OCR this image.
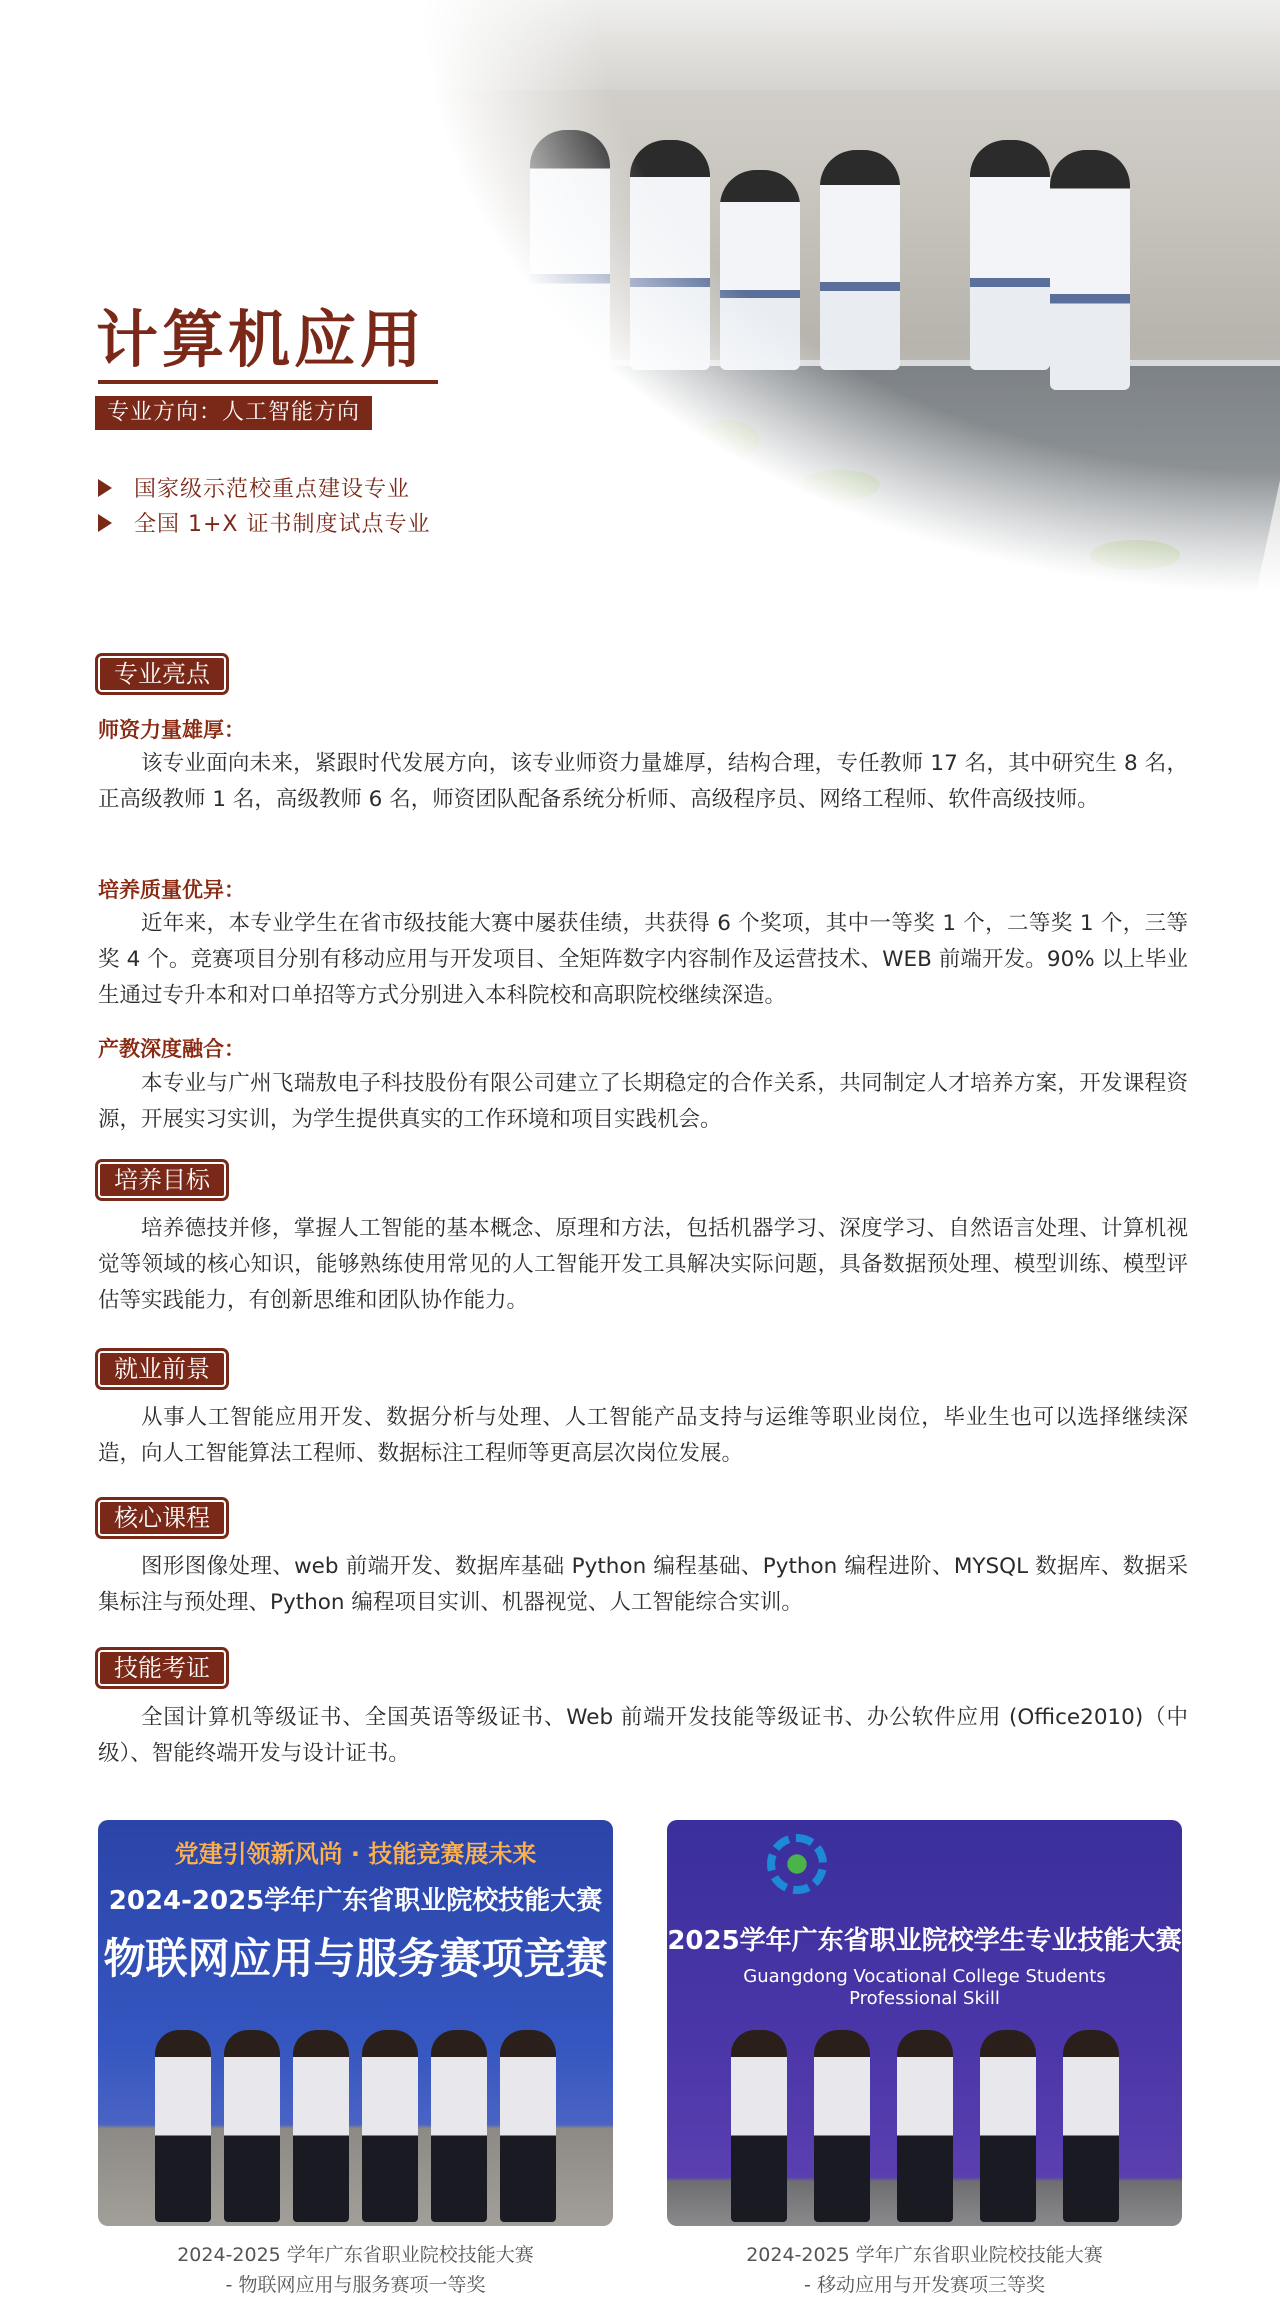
计算机应用
专业方向：人工智能方向
国家级示范校重点建设专业
全国 1+X 证书制度试点专业
专业亮点
师资力量雄厚：
该专业面向未来，紧跟时代发展方向，该专业师资力量雄厚，结构合理，专任教师 17 名，其中研究生 8 名，正高级教师 1 名，高级教师 6 名，师资团队配备系统分析师、高级程序员、网络工程师、软件高级技师。
培养质量优异：
近年来，本专业学生在省市级技能大赛中屡获佳绩，共获得 6 个奖项，其中一等奖 1 个，二等奖 1 个，三等奖 4 个。竞赛项目分别有移动应用与开发项目、全矩阵数字内容制作及运营技术、WEB 前端开发。90% 以上毕业生通过专升本和对口单招等方式分别进入本科院校和高职院校继续深造。
产教深度融合：
本专业与广州飞瑞敖电子科技股份有限公司建立了长期稳定的合作关系，共同制定人才培养方案，开发课程资源，开展实习实训，为学生提供真实的工作环境和项目实践机会。
培养目标
培养德技并修，掌握人工智能的基本概念、原理和方法，包括机器学习、深度学习、自然语言处理、计算机视觉等领域的核心知识，能够熟练使用常见的人工智能开发工具解决实际问题，具备数据预处理、模型训练、模型评估等实践能力，有创新思维和团队协作能力。
就业前景
从事人工智能应用开发、数据分析与处理、人工智能产品支持与运维等职业岗位，毕业生也可以选择继续深造，向人工智能算法工程师、数据标注工程师等更高层次岗位发展。
核心课程
图形图像处理、web 前端开发、数据库基础 Python 编程基础、Python 编程进阶、MYSQL 数据库、数据采集标注与预处理、Python 编程项目实训、机器视觉、人工智能综合实训。
技能考证
全国计算机等级证书、全国英语等级证书、Web 前端开发技能等级证书、办公软件应用 (Office2010)（中级）、智能终端开发与设计证书。
党建引领新风尚 · 技能竞赛展未来
2024-2025学年广东省职业院校技能大赛
物联网应用与服务赛项竞赛 2025学年广东省职业院校学生专业技能大赛
Guangdong Vocational College Students Professional Skill
2024-2025 学年广东省职业院校技能大赛
- 物联网应用与服务赛项一等奖
2024-2025 学年广东省职业院校技能大赛
- 移动应用与开发赛项三等奖
